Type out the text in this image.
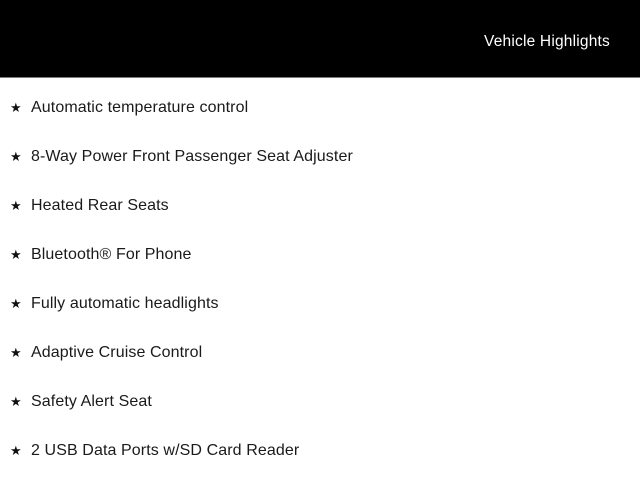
Vehicle Highlights
★ Automatic temperature control
★ 8-Way Power Front Passenger Seat Adjuster
★ Heated Rear Seats
★ Bluetooth® For Phone
★ Fully automatic headlights
★ Adaptive Cruise Control
★ Safety Alert Seat
★ 2 USB Data Ports w/SD Card Reader
